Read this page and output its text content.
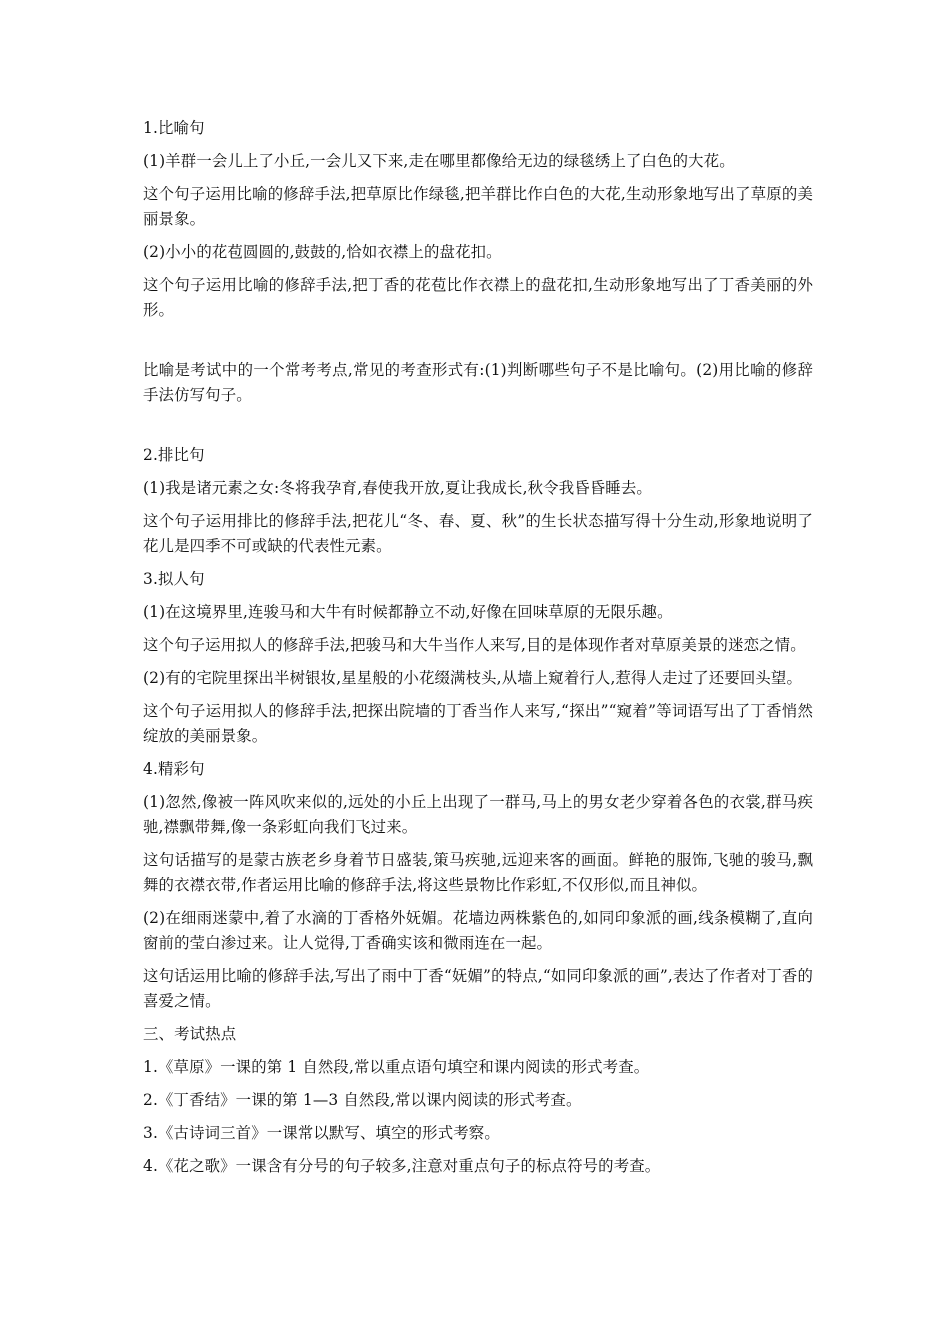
1.比喻句

(1)羊群一会儿上了小丘,一会儿又下来,走在哪里都像给无边的绿毯绣上了白色的大花。

这个句子运用比喻的修辞手法,把草原比作绿毯,把羊群比作白色的大花,生动形象地写出了草原的美丽景象。

(2)小小的花苞圆圆的,鼓鼓的,恰如衣襟上的盘花扣。

这个句子运用比喻的修辞手法,把丁香的花苞比作衣襟上的盘花扣,生动形象地写出了丁香美丽的外形。

比喻是考试中的一个常考考点,常见的考查形式有:(1)判断哪些句子不是比喻句。(2)用比喻的修辞手法仿写句子。

2.排比句

(1)我是诸元素之女:冬将我孕育,春使我开放,夏让我成长,秋令我昏昏睡去。

这个句子运用排比的修辞手法,把花儿“冬、春、夏、秋”的生长状态描写得十分生动,形象地说明了花儿是四季不可或缺的代表性元素。

3.拟人句

(1)在这境界里,连骏马和大牛有时候都静立不动,好像在回味草原的无限乐趣。

这个句子运用拟人的修辞手法,把骏马和大牛当作人来写,目的是体现作者对草原美景的迷恋之情。

(2)有的宅院里探出半树银妆,星星般的小花缀满枝头,从墙上窥着行人,惹得人走过了还要回头望。

这个句子运用拟人的修辞手法,把探出院墙的丁香当作人来写,“探出”“窥着”等词语写出了丁香悄然绽放的美丽景象。

4.精彩句

(1)忽然,像被一阵风吹来似的,远处的小丘上出现了一群马,马上的男女老少穿着各色的衣裳,群马疾驰,襟飘带舞,像一条彩虹向我们飞过来。

这句话描写的是蒙古族老乡身着节日盛装,策马疾驰,远迎来客的画面。鲜艳的服饰,飞驰的骏马,飘舞的衣襟衣带,作者运用比喻的修辞手法,将这些景物比作彩虹,不仅形似,而且神似。

(2)在细雨迷蒙中,着了水滴的丁香格外妩媚。花墙边两株紫色的,如同印象派的画,线条模糊了,直向窗前的莹白渗过来。让人觉得,丁香确实该和微雨连在一起。

这句话运用比喻的修辞手法,写出了雨中丁香“妩媚”的特点,“如同印象派的画”,表达了作者对丁香的喜爱之情。

三、考试热点

1.《草原》一课的第 1 自然段,常以重点语句填空和课内阅读的形式考查。

2.《丁香结》一课的第 1—3 自然段,常以课内阅读的形式考查。

3.《古诗词三首》一课常以默写、填空的形式考察。

4.《花之歌》一课含有分号的句子较多,注意对重点句子的标点符号的考查。
